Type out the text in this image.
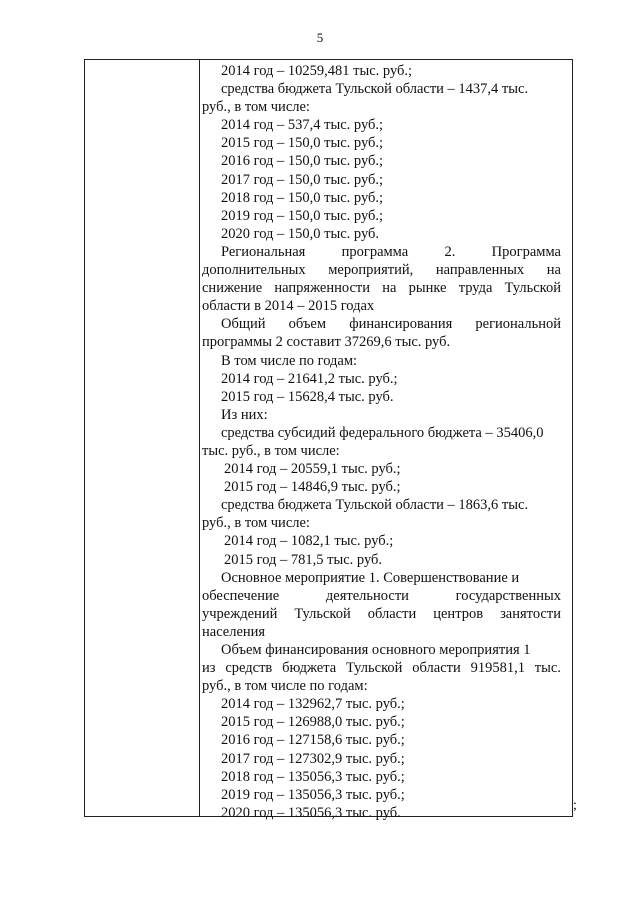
5
2014 год – 10259,481 тыс. руб.;
средства бюджета Тульской области – 1437,4 тыс.
руб., в том числе:
2014 год – 537,4 тыс. руб.;
2015 год – 150,0 тыс. руб.;
2016 год – 150,0 тыс. руб.;
2017 год – 150,0 тыс. руб.;
2018 год – 150,0 тыс. руб.;
2019 год – 150,0 тыс. руб.;
2020 год – 150,0 тыс. руб.
Региональная	программа	2.	Программа
дополнительных мероприятий, направленных на
снижение напряженности на рынке труда Тульской
области в 2014 – 2015 годах
Общий объем финансирования региональной
программы 2 составит 37269,6 тыс. руб.
В том числе по годам:
2014 год – 21641,2 тыс. руб.;
2015 год – 15628,4 тыс. руб.
Из них:
средства субсидий федерального бюджета – 35406,0
тыс. руб., в том числе:
2014 год – 20559,1 тыс. руб.;
2015 год – 14846,9 тыс. руб.;
средства бюджета Тульской области – 1863,6 тыс.
руб., в том числе:
2014 год – 1082,1 тыс. руб.;
2015 год – 781,5 тыс. руб.
Основное мероприятие 1. Совершенствование и
обеспечение	деятельности	государственных
учреждений Тульской области центров занятости
населения
Объем финансирования основного мероприятия 1
из средств бюджета Тульской области 919581,1 тыс.
руб., в том числе по годам:
2014 год – 132962,7 тыс. руб.;
2015 год – 126988,0 тыс. руб.;
2016 год – 127158,6 тыс. руб.;
2017 год – 127302,9 тыс. руб.;
2018 год – 135056,3 тыс. руб.;
2019 год – 135056,3 тыс. руб.;
2020 год – 135056,3 тыс. руб.	;
